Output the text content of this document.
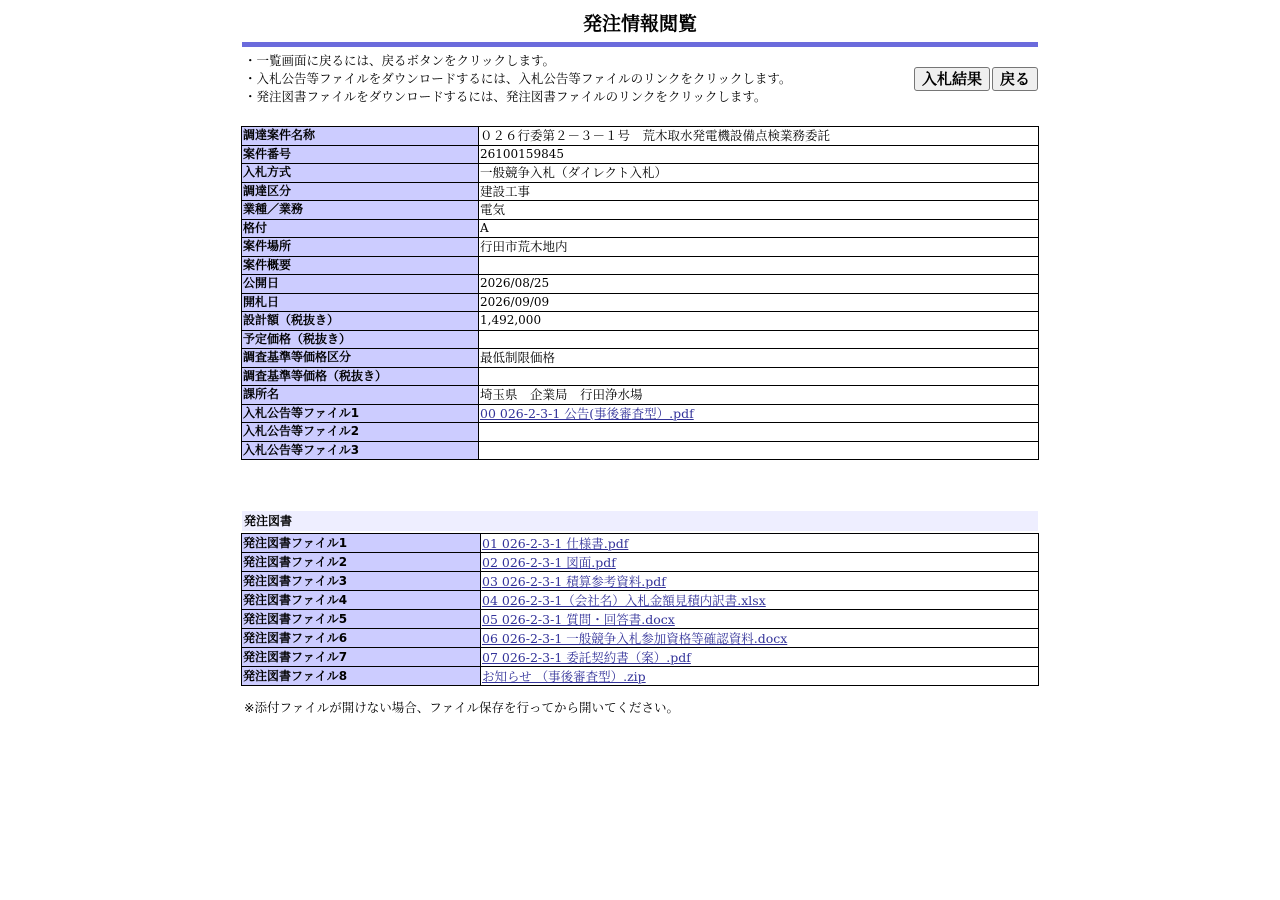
発注情報閲覧
・一覧画面に戻るには、戻るボタンをクリックします。
・入札公告等ファイルをダウンロードするには、入札公告等ファイルのリンクをクリックします。
・発注図書ファイルをダウンロードするには、発注図書ファイルのリンクをクリックします。
入札結果 戻る
調達案件名称	０２６行委第２－３－１号　荒木取水発電機設備点検業務委託
案件番号	26100159845
入札方式	一般競争入札（ダイレクト入札）
調達区分	建設工事
業種／業務	電気
格付	A
案件場所	行田市荒木地内
案件概要	
公開日	2026/08/25
開札日	2026/09/09
設計額（税抜き）	1,492,000
予定価格（税抜き）	
調査基準等価格区分	最低制限価格
調査基準等価格（税抜き）	
課所名	埼玉県　企業局　行田浄水場
入札公告等ファイル1	00 026-2-3-1 公告(事後審査型）.pdf
入札公告等ファイル2	
入札公告等ファイル3	
発注図書
発注図書ファイル1	01 026-2-3-1 仕様書.pdf
発注図書ファイル2	02 026-2-3-1 図面.pdf
発注図書ファイル3	03 026-2-3-1 積算参考資料.pdf
発注図書ファイル4	04 026-2-3-1（会社名）入札金額見積内訳書.xlsx
発注図書ファイル5	05 026-2-3-1 質問・回答書.docx
発注図書ファイル6	06 026-2-3-1 一般競争入札参加資格等確認資料.docx
発注図書ファイル7	07 026-2-3-1 委託契約書（案）.pdf
発注図書ファイル8	お知らせ （事後審査型）.zip
※添付ファイルが開けない場合、ファイル保存を行ってから開いてください。
